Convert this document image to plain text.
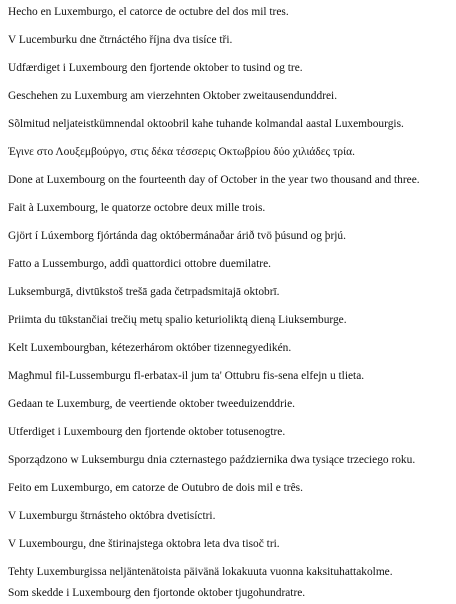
Hecho en Luxemburgo, el catorce de octubre del dos mil tres.
V Lucemburku dne čtrnáctého října dva tisíce tři.
Udfærdiget i Luxembourg den fjortende oktober to tusind og tre.
Geschehen zu Luxemburg am vierzehnten Oktober zweitausendunddrei.
Sõlmitud neljateistkümnendal oktoobril kahe tuhande kolmandal aastal Luxembourgis.
Έγινε στο Λουξεμβούργο, στις δέκα τέσσερις Οκτωβρίου δύο χιλιάδες τρία.
Done at Luxembourg on the fourteenth day of October in the year two thousand and three.
Fait à Luxembourg, le quatorze octobre deux mille trois.
Gjört í Lúxemborg fjórtánda dag októbermánaðar árið tvö þúsund og þrjú.
Fatto a Lussemburgo, addì quattordici ottobre duemilatre.
Luksemburgā, divtūkstoš trešā gada četrpadsmitajā oktobrī.
Priimta du tūkstančiai trečių metų spalio keturioliktą dieną Liuksemburge.
Kelt Luxembourgban, kétezerhárom október tizennegyedikén.
Magħmul fil-Lussemburgu fl-erbatax-il jum ta' Ottubru fis-sena elfejn u tlieta.
Gedaan te Luxemburg, de veertiende oktober tweeduizenddrie.
Utferdiget i Luxembourg den fjortende oktober totusenogtre.
Sporządzono w Luksemburgu dnia czternastego października dwa tysiące trzeciego roku.
Feito em Luxemburgo, em catorze de Outubro de dois mil e três.
V Luxemburgu štrnásteho októbra dvetisíctri.
V Luxembourgu, dne štirinajstega oktobra leta dva tisoč tri.
Tehty Luxemburgissa neljäntenätoista päivänä lokakuuta vuonna kaksituhattakolme.
Som skedde i Luxembourg den fjortonde oktober tjugohundratre.
